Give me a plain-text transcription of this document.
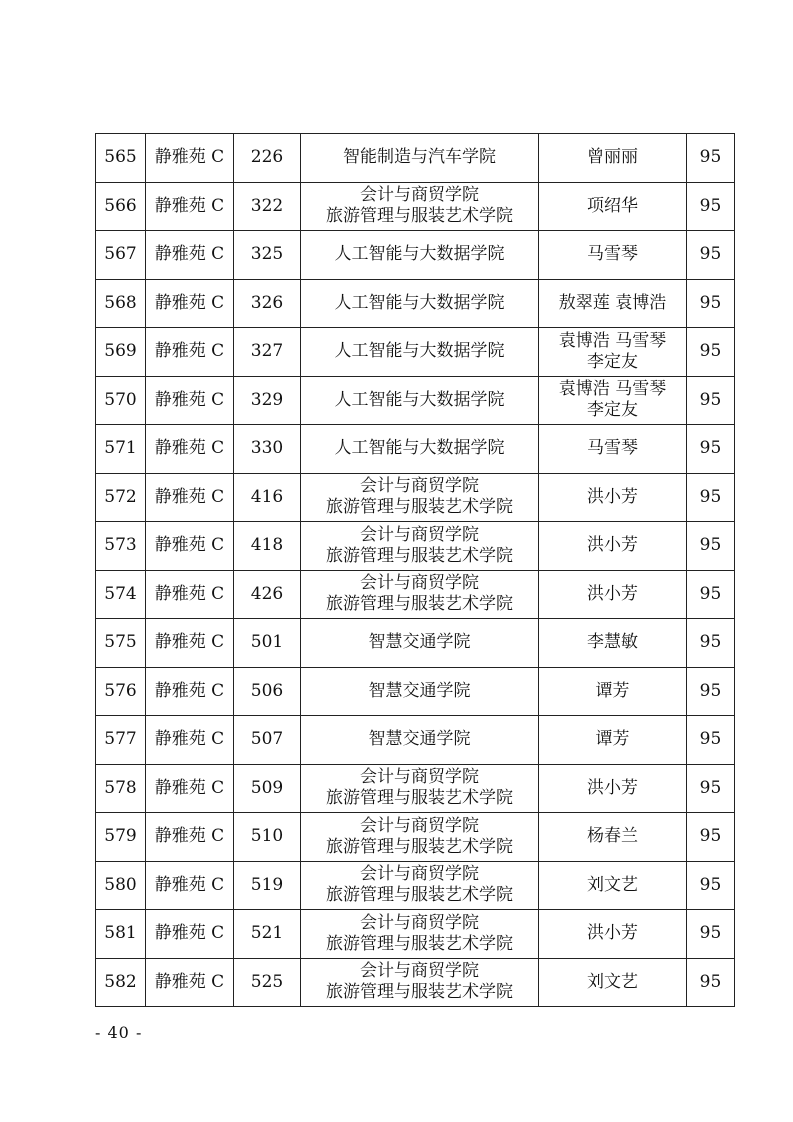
565	静雅苑 C	226	智能制造与汽车学院	曾丽丽	95
566	静雅苑 C	322	会计与商贸学院
旅游管理与服装艺术学院	项绍华	95
567	静雅苑 C	325	人工智能与大数据学院	马雪琴	95
568	静雅苑 C	326	人工智能与大数据学院	敖翠莲 袁博浩	95
569	静雅苑 C	327	人工智能与大数据学院	袁博浩 马雪琴
李定友	95
570	静雅苑 C	329	人工智能与大数据学院	袁博浩 马雪琴
李定友	95
571	静雅苑 C	330	人工智能与大数据学院	马雪琴	95
572	静雅苑 C	416	会计与商贸学院
旅游管理与服装艺术学院	洪小芳	95
573	静雅苑 C	418	会计与商贸学院
旅游管理与服装艺术学院	洪小芳	95
574	静雅苑 C	426	会计与商贸学院
旅游管理与服装艺术学院	洪小芳	95
575	静雅苑 C	501	智慧交通学院	李慧敏	95
576	静雅苑 C	506	智慧交通学院	谭芳	95
577	静雅苑 C	507	智慧交通学院	谭芳	95
578	静雅苑 C	509	会计与商贸学院
旅游管理与服装艺术学院	洪小芳	95
579	静雅苑 C	510	会计与商贸学院
旅游管理与服装艺术学院	杨春兰	95
580	静雅苑 C	519	会计与商贸学院
旅游管理与服装艺术学院	刘文艺	95
581	静雅苑 C	521	会计与商贸学院
旅游管理与服装艺术学院	洪小芳	95
582	静雅苑 C	525	会计与商贸学院
旅游管理与服装艺术学院	刘文艺	95
- 40 -
